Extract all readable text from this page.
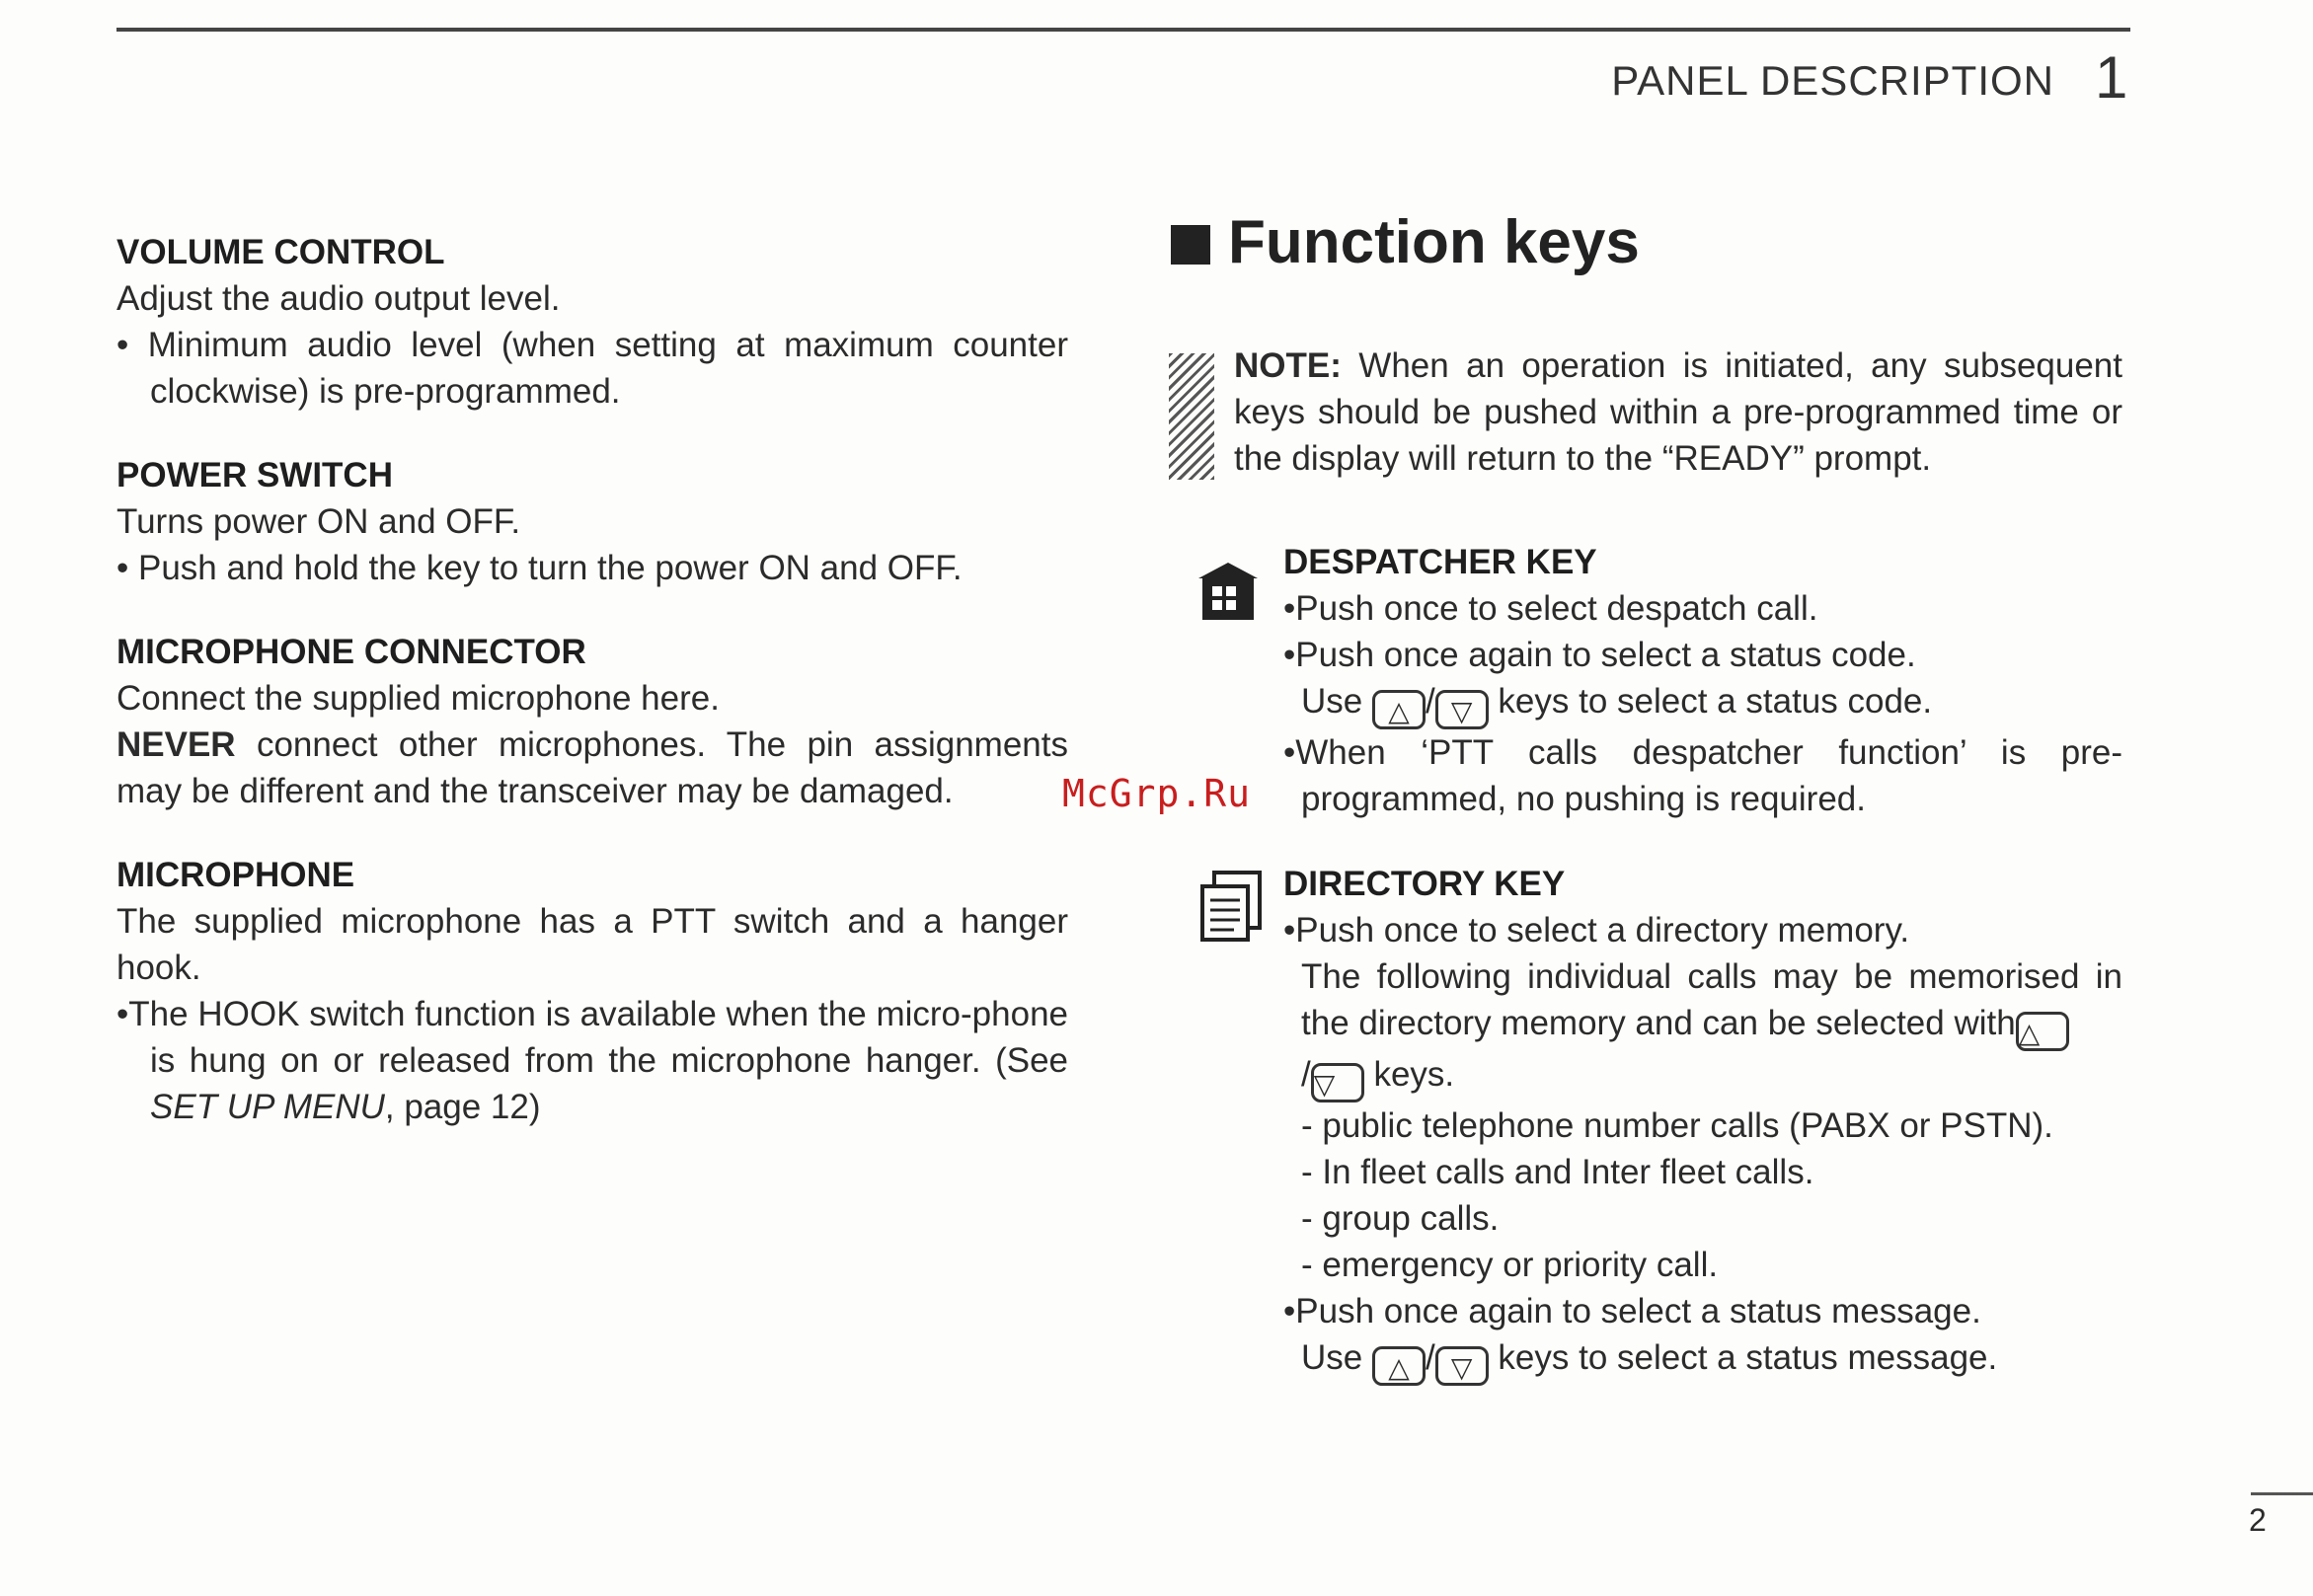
PANEL DESCRIPTION 1
VOLUME CONTROL

Adjust the audio output level.

• Minimum audio level (when setting at maximum counter clockwise) is pre-programmed.

POWER SWITCH

Turns power ON and OFF.

• Push and hold the key to turn the power ON and OFF.

MICROPHONE CONNECTOR

Connect the supplied microphone here.

NEVER connect other microphones. The pin assignments may be different and the transceiver may be damaged.

MICROPHONE

The supplied microphone has a PTT switch and a hanger hook.

•The HOOK switch function is available when the micro-phone is hung on or released from the microphone hanger. (See SET UP MENU, page 12)

Function keys
NOTE: When an operation is initiated, any subsequent keys should be pushed within a pre-programmed time or the display will return to the “READY” prompt.
DESPATCHER KEY

•Push once to select despatch call.

•Push once again to select a status code.

Use △ / ▽ keys to select a status code.

•When ‘PTT calls despatcher function’ is pre-programmed, no pushing is required.

DIRECTORY KEY

•Push once to select a directory memory.

The following individual calls may be memorised in the directory memory and can be selected with △
/ ▽ keys.

- public telephone number calls (PABX or PSTN).

- In fleet calls and Inter fleet calls.

- group calls.

- emergency or priority call.

•Push once again to select a status message.

Use △ / ▽ keys to select a status message.

McGrp.Ru
2
